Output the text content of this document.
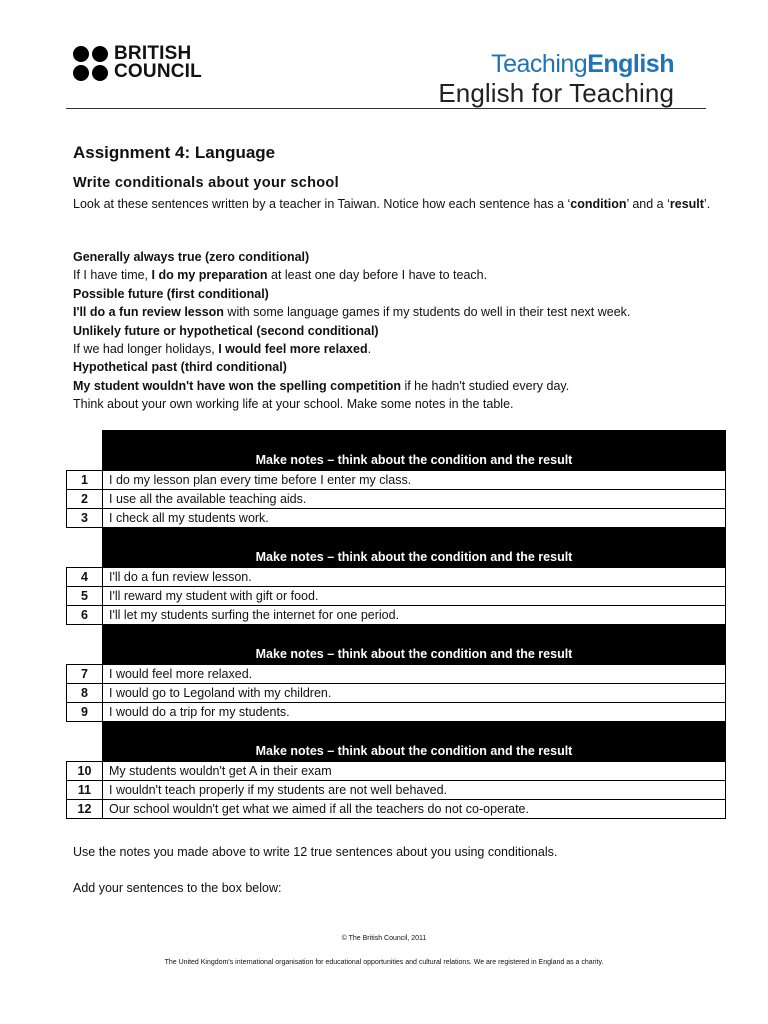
BRITISH
COUNCIL	TeachingEnglish
English for Teaching
Assignment 4: Language
Write conditionals about your school
Look at these sentences written by a teacher in Taiwan. Notice how each sentence has a ‘condition’ and a ‘result’.
Generally always true (zero conditional)
If I have time, I do my preparation at least one day before I have to teach.
Possible future (first conditional)
I'll do a fun review lesson with some language games if my students do well in their test next week.
Unlikely future or hypothetical (second conditional)
If we had longer holidays, I would feel more relaxed.
Hypothetical past (third conditional)
My student wouldn't have won the spelling competition if he hadn't studied every day.
Think about your own working life at your school. Make some notes in the table.
	Make notes – think about the condition and the result
1	I do my lesson plan every time before I enter my class.
2	I use all the available teaching aids.
3	I check all my students work.
	Make notes – think about the condition and the result
4	I'll do a fun review lesson.
5	I'll reward my student with gift or food.
6	I'll let my students surfing the internet for one period.
	Make notes – think about the condition and the result
7	I would feel more relaxed.
8	I would go to Legoland with my children.
9	I would do a trip for my students.
	Make notes – think about the condition and the result
10	My students wouldn't get A in their exam
11	I wouldn't teach properly if my students are not well behaved.
12	Our school wouldn't get what we aimed if all the teachers do not co-operate.
Use the notes you made above to write 12 true sentences about you using conditionals.
Add your sentences to the box below:
© The British Council, 2011
The United Kingdom's international organisation for educational opportunities and cultural relations. We are registered in England as a charity.
